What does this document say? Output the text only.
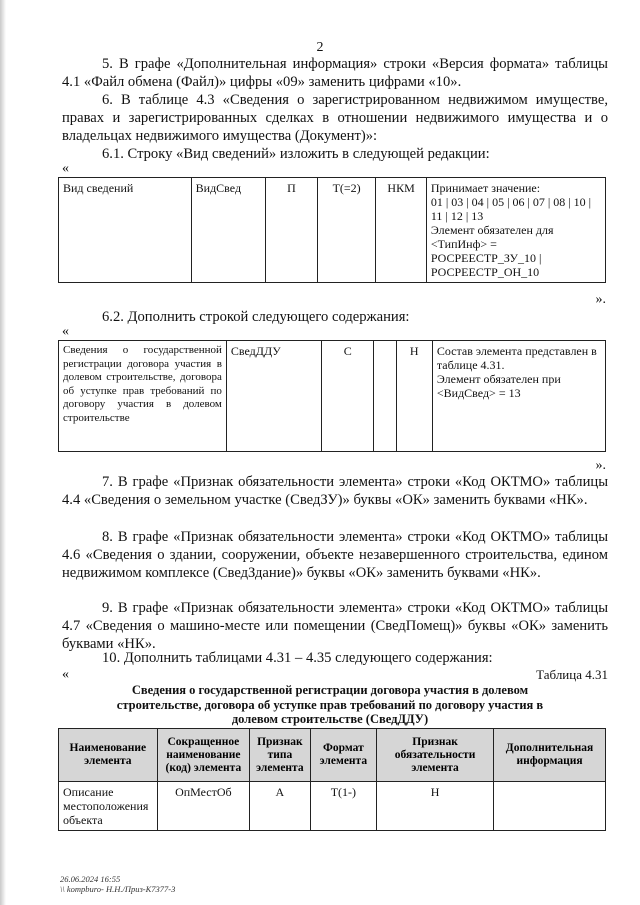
2
5. В графе «Дополнительная информация» строки «Версия формата» таблицы 4.1 «Файл обмена (Файл)» цифры «09» заменить цифрами «10».
6. В таблице 4.3 «Сведения о зарегистрированном недвижимом имуществе, правах и зарегистрированных сделках в отношении недвижимого имущества и о владельцах недвижимого имущества (Документ)»:
6.1. Строку «Вид сведений» изложить в следующей редакции:
«
Вид сведений	ВидСвед	П	Т(=2)	НКМ	Принимает значение:
01 | 03 | 04 | 05 | 06 | 07 | 08 | 10 |
11 | 12 | 13
Элемент обязателен для
<ТипИнф> =
РОСРЕЕСТР_ЗУ_10 |
РОСРЕЕСТР_ОН_10
».
6.2. Дополнить строкой следующего содержания:
«
Сведения о государственной регистрации договора участия в долевом строительстве, договора об уступке прав требований по договору участия в долевом строительстве	СведДДУ	С		Н	Состав элемента представлен в
таблице 4.31.
Элемент обязателен при
<ВидСвед> = 13
».
7. В графе «Признак обязательности элемента» строки «Код ОКТМО» таблицы 4.4 «Сведения о земельном участке (СведЗУ)» буквы «ОК» заменить буквами «НК».
8. В графе «Признак обязательности элемента» строки «Код ОКТМО» таблицы 4.6 «Сведения о здании, сооружении, объекте незавершенного строительства, едином недвижимом комплексе (СведЗдание)» буквы «ОК» заменить буквами «НК».
9. В графе «Признак обязательности элемента» строки «Код ОКТМО» таблицы 4.7 «Сведения о машино-месте или помещении (СведПомещ)» буквы «ОК» заменить буквами «НК».
10. Дополнить таблицами 4.31 – 4.35 следующего содержания:
«	Таблица 4.31
Сведения о государственной регистрации договора участия в долевом строительстве, договора об уступке прав требований по договору участия в долевом строительстве (СведДДУ)
Наименование элемента	Сокращенное наименование (код) элемента	Признак типа элемента	Формат элемента	Признак обязательности элемента	Дополнительная информация
Описание местоположения объекта	ОпМестОб	А	Т(1-)	Н	
26.06.2024 16:55
\\ kompburo- Н.Н./Приз-К7377-3
